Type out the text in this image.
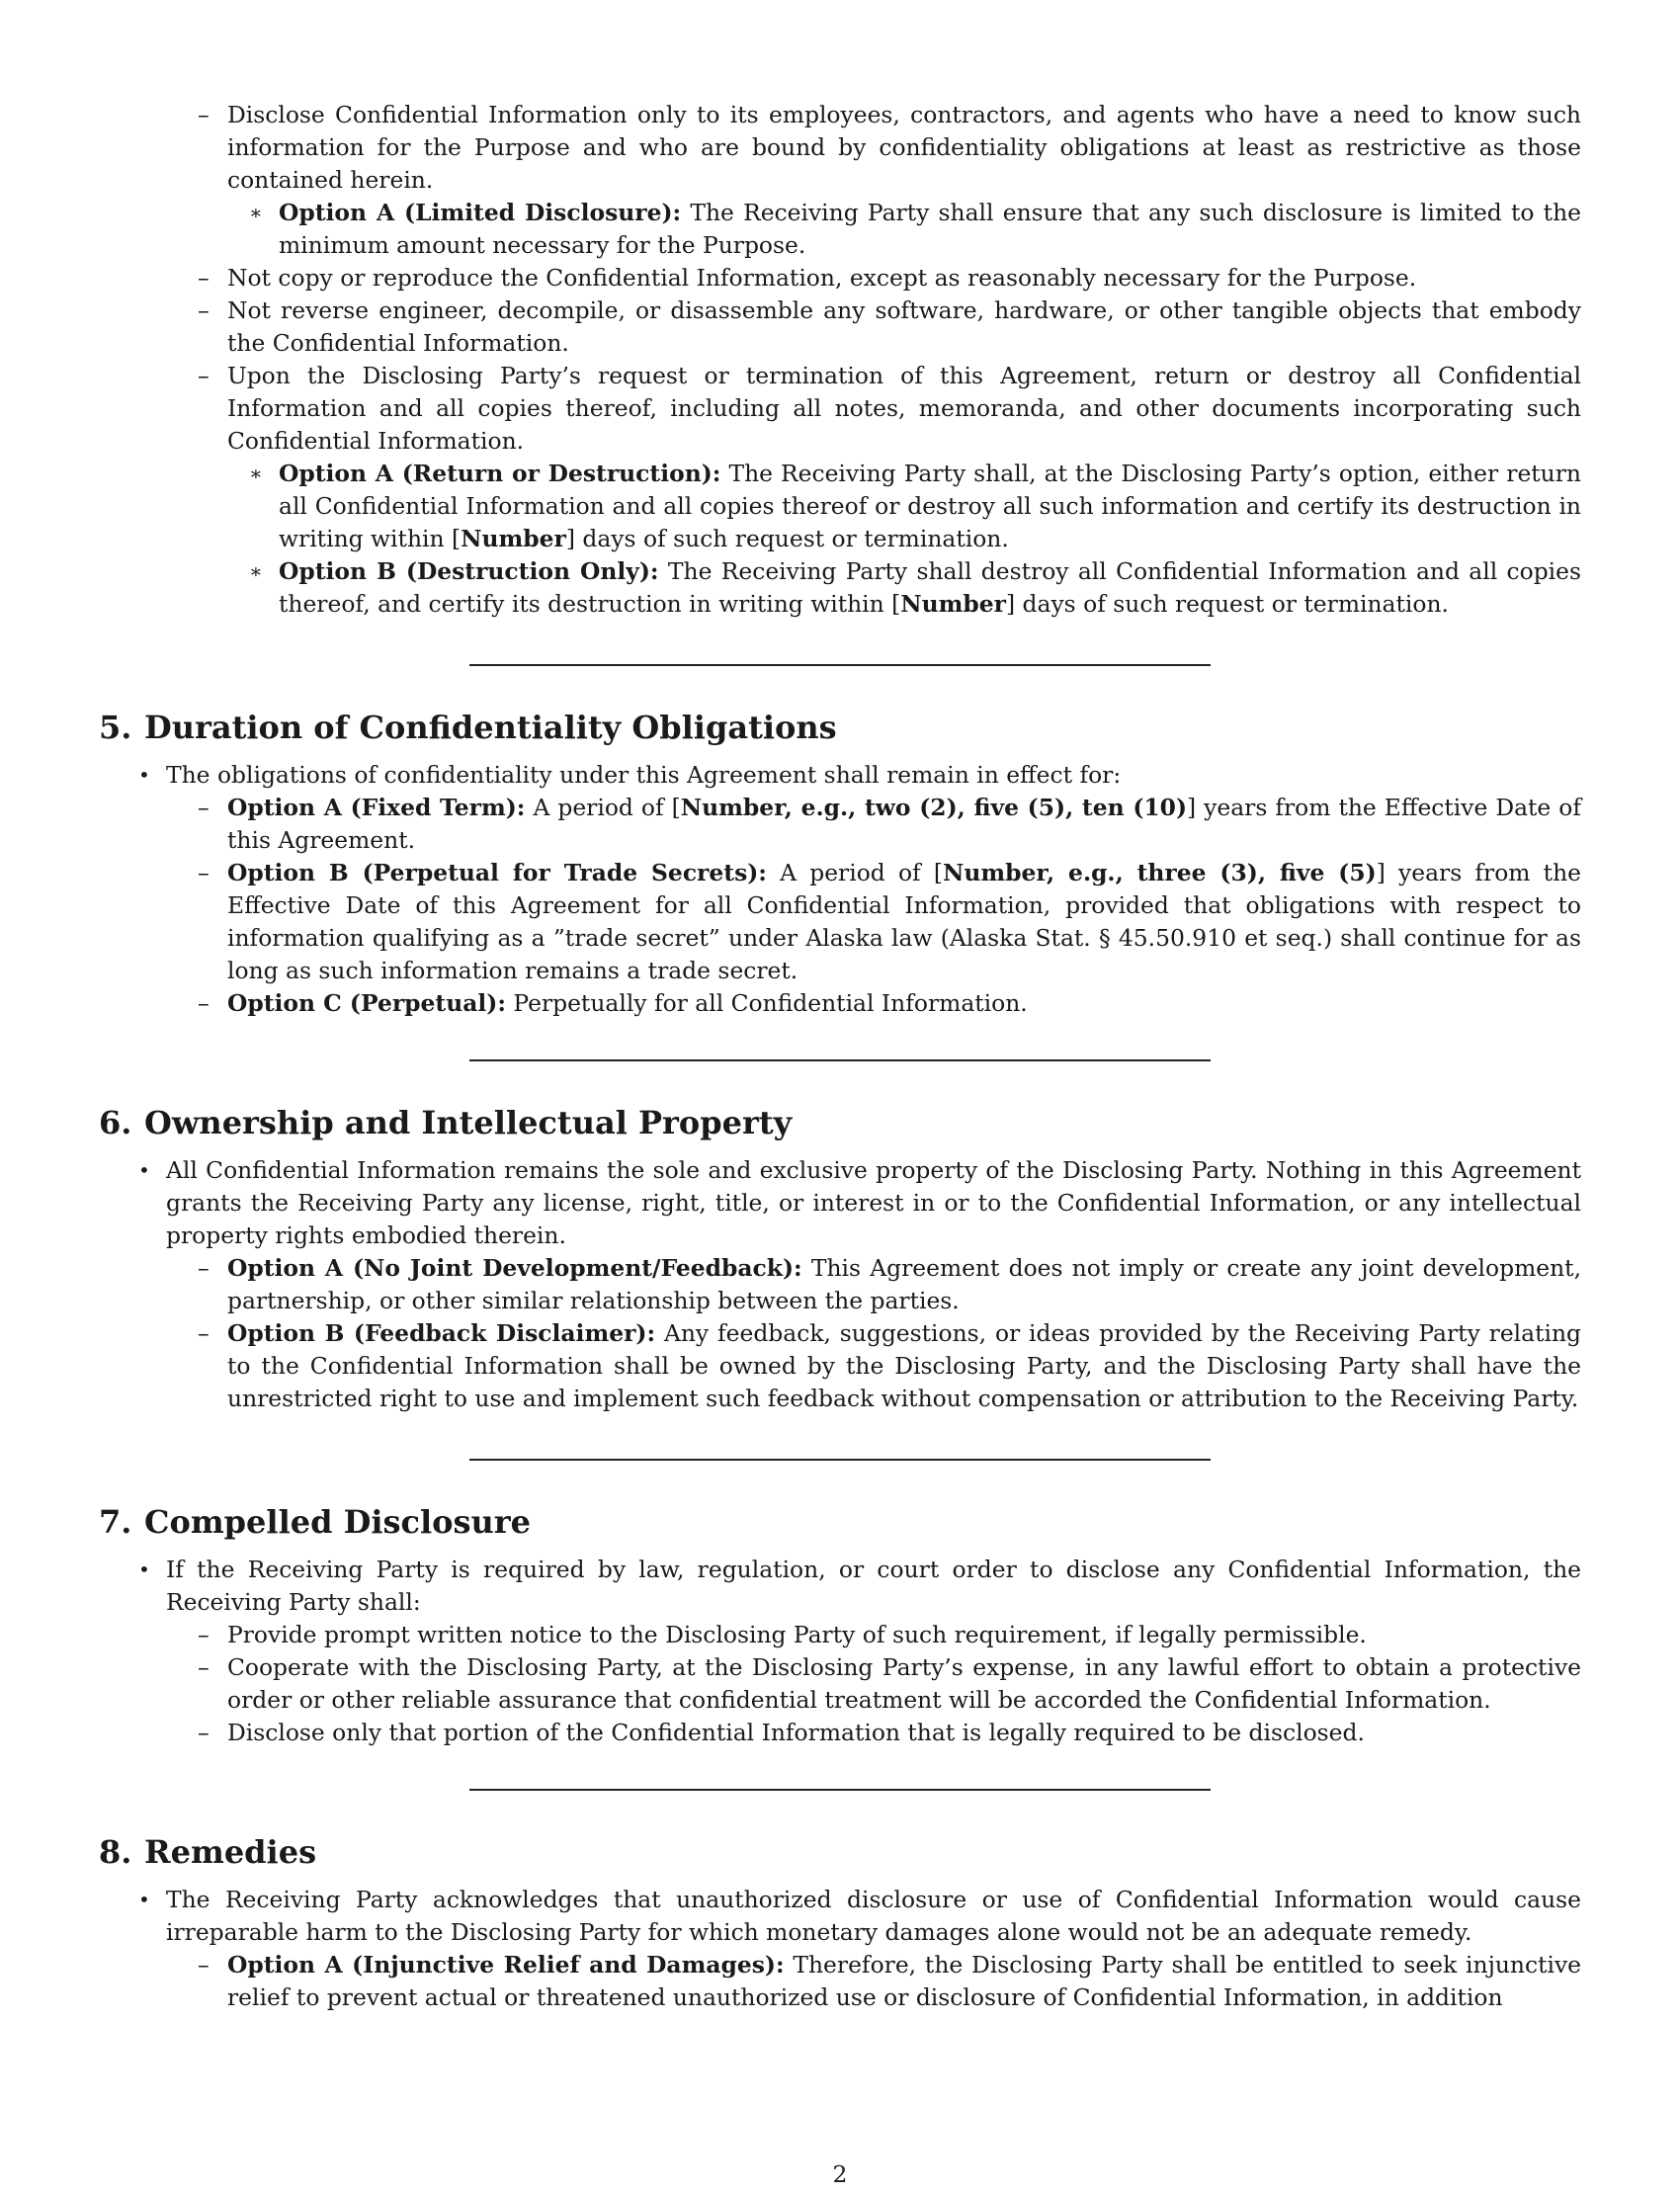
– Disclose Confidential Information only to its employees, contractors, and agents who have a need to know such information for the Purpose and who are bound by confidentiality obligations at least as restrictive as those contained herein.
∗ Option A (Limited Disclosure): The Receiving Party shall ensure that any such disclosure is limited to the minimum amount necessary for the Purpose.
– Not copy or reproduce the Confidential Information, except as reasonably necessary for the Purpose.
– Not reverse engineer, decompile, or disassemble any software, hardware, or other tangible objects that embody the Confidential Information.
– Upon the Disclosing Party’s request or termination of this Agreement, return or destroy all Confidential Information and all copies thereof, including all notes, memoranda, and other documents incorporating such Confidential Information.
∗ Option A (Return or Destruction): The Receiving Party shall, at the Disclosing Party’s option, either return all Confidential Information and all copies thereof or destroy all such information and certify its destruction in writing within [Number] days of such request or termination.
∗ Option B (Destruction Only): The Receiving Party shall destroy all Confidential Information and all copies thereof, and certify its destruction in writing within [Number] days of such request or termination.
5. Duration of Confidentiality Obligations
• The obligations of confidentiality under this Agreement shall remain in effect for:
– Option A (Fixed Term): A period of [Number, e.g., two (2), five (5), ten (10)] years from the Effective Date of this Agreement.
– Option B (Perpetual for Trade Secrets): A period of [Number, e.g., three (3), five (5)] years from the Effective Date of this Agreement for all Confidential Information, provided that obligations with respect to information qualifying as a ”trade secret” under Alaska law (Alaska Stat. § 45.50.910 et seq.) shall continue for as long as such information remains a trade secret.
– Option C (Perpetual): Perpetually for all Confidential Information.
6. Ownership and Intellectual Property
• All Confidential Information remains the sole and exclusive property of the Disclosing Party. Nothing in this Agreement grants the Receiving Party any license, right, title, or interest in or to the Confidential Information, or any intellectual property rights embodied therein.
– Option A (No Joint Development/Feedback): This Agreement does not imply or create any joint development, partnership, or other similar relationship between the parties.
– Option B (Feedback Disclaimer): Any feedback, suggestions, or ideas provided by the Receiving Party relating to the Confidential Information shall be owned by the Disclosing Party, and the Disclosing Party shall have the unrestricted right to use and implement such feedback without compensation or attribution to the Receiving Party.
7. Compelled Disclosure
• If the Receiving Party is required by law, regulation, or court order to disclose any Confidential Information, the Receiving Party shall:
– Provide prompt written notice to the Disclosing Party of such requirement, if legally permissible.
– Cooperate with the Disclosing Party, at the Disclosing Party’s expense, in any lawful effort to obtain a protective order or other reliable assurance that confidential treatment will be accorded the Confidential Information.
– Disclose only that portion of the Confidential Information that is legally required to be disclosed.
8. Remedies
• The Receiving Party acknowledges that unauthorized disclosure or use of Confidential Information would cause irreparable harm to the Disclosing Party for which monetary damages alone would not be an adequate remedy.
– Option A (Injunctive Relief and Damages): Therefore, the Disclosing Party shall be entitled to seek injunctive relief to prevent actual or threatened unauthorized use or disclosure of Confidential Information, in addition
2
